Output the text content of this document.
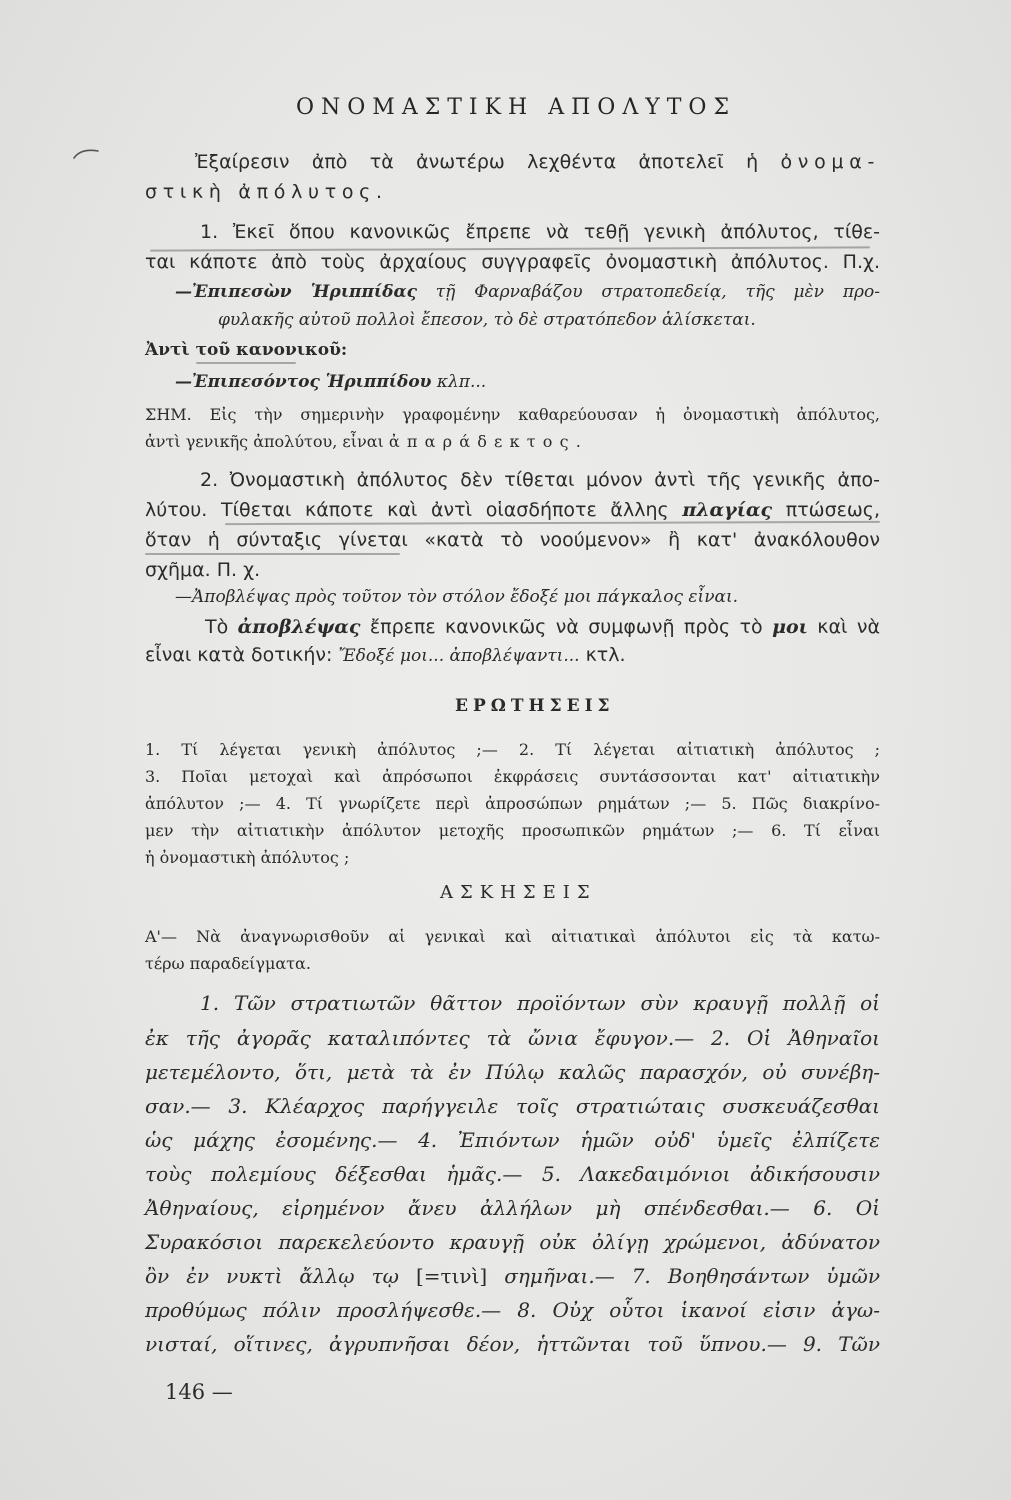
ΟΝΟΜΑΣΤΙΚΗ ΑΠΟΛΥΤΟΣ
Ἐξαίρεσιν ἀπὸ τὰ ἀνωτέρω λεχθέντα ἀποτελεῖ ἡ ὀνομα-
στικὴ ἀπόλυτος.
1. Ἐκεῖ ὅπου κανονικῶς ἔπρεπε νὰ τεθῇ γενικὴ ἀπόλυτος, τίθε-
ται κάποτε ἀπὸ τοὺς ἀρχαίους συγγραφεῖς ὀνομαστικὴ ἀπόλυτος. Π.χ.
—Ἐπιπεσὼν Ἡριππίδας τῇ Φαρναβάζου στρατοπεδείᾳ, τῆς μὲν προ-
φυλακῆς αὐτοῦ πολλοὶ ἔπεσον, τὸ δὲ στρατόπεδον ἁλίσκεται.
Ἀντὶ τοῦ κανονικοῦ:
—Ἐπιπεσόντος Ἡριππίδου κλπ...
ΣΗΜ. Εἰς τὴν σημερινὴν γραφομένην καθαρεύουσαν ἡ ὀνομαστικὴ ἀπόλυτος,
ἀντὶ γενικῆς ἀπολύτου, εἶναι ἀπαράδεκτος.
2. Ὀνομαστικὴ ἀπόλυτος δὲν τίθεται μόνον ἀντὶ τῆς γενικῆς ἀπο-
λύτου. Τίθεται κάποτε καὶ ἀντὶ οἱασδήποτε ἄλλης πλαγίας πτώσεως,
ὅταν ἡ σύνταξις γίνεται «κατὰ τὸ νοούμενον» ἢ κατ' ἀνακόλουθον
σχῆμα. Π. χ.
—Ἀποβλέψας πρὸς τοῦτον τὸν στόλον ἔδοξέ μοι πάγκαλος εἶναι.
Τὸ ἀποβλέψας ἔπρεπε κανονικῶς νὰ συμφωνῇ πρὸς τὸ μοι καὶ νὰ
εἶναι κατὰ δοτικήν: Ἔδοξέ μοι... ἀποβλέψαντι... κτλ.
ΕΡΩΤΗΣΕΙΣ
1. Τί λέγεται γενικὴ ἀπόλυτος ;— 2. Τί λέγεται αἰτιατικὴ ἀπόλυτος ;
3. Ποῖαι μετοχαὶ καὶ ἀπρόσωποι ἐκφράσεις συντάσσονται κατ' αἰτιατικὴν
ἀπόλυτον ;— 4. Τί γνωρίζετε περὶ ἀπροσώπων ρημάτων ;— 5. Πῶς διακρίνο-
μεν τὴν αἰτιατικὴν ἀπόλυτον μετοχῆς προσωπικῶν ρημάτων ;— 6. Τί εἶναι
ἡ ὀνομαστικὴ ἀπόλυτος ;
ΑΣΚΗΣΕΙΣ
Α'— Νὰ ἀναγνωρισθοῦν αἱ γενικαὶ καὶ αἰτιατικαὶ ἀπόλυτοι εἰς τὰ κατω-
τέρω παραδείγματα.
1. Τῶν στρατιωτῶν θᾶττον προϊόντων σὺν κραυγῇ πολλῇ οἱ
ἐκ τῆς ἀγορᾶς καταλιπόντες τὰ ὤνια ἔφυγον.— 2. Οἱ Ἀθηναῖοι
μετεμέλοντο, ὅτι, μετὰ τὰ ἐν Πύλῳ καλῶς παρασχόν, οὐ συνέβη-
σαν.— 3. Κλέαρχος παρήγγειλε τοῖς στρατιώταις συσκευάζεσθαι
ὡς μάχης ἐσομένης.— 4. Ἐπιόντων ἡμῶν οὐδ' ὑμεῖς ἐλπίζετε
τοὺς πολεμίους δέξεσθαι ἡμᾶς.— 5. Λακεδαιμόνιοι ἀδικήσουσιν
Ἀθηναίους, εἰρημένον ἄνευ ἀλλήλων μὴ σπένδεσθαι.— 6. Οἱ
Συρακόσιοι παρεκελεύοντο κραυγῇ οὐκ ὀλίγῃ χρώμενοι, ἀδύνατον
ὂν ἐν νυκτὶ ἄλλῳ τῳ [=τινὶ] σημῆναι.— 7. Βοηθησάντων ὑμῶν
προθύμως πόλιν προσλήψεσθε.— 8. Οὐχ οὗτοι ἱκανοί εἰσιν ἀγω-
νισταί, οἵτινες, ἀγρυπνῆσαι δέον, ἡττῶνται τοῦ ὕπνου.— 9. Τῶν
146 —
